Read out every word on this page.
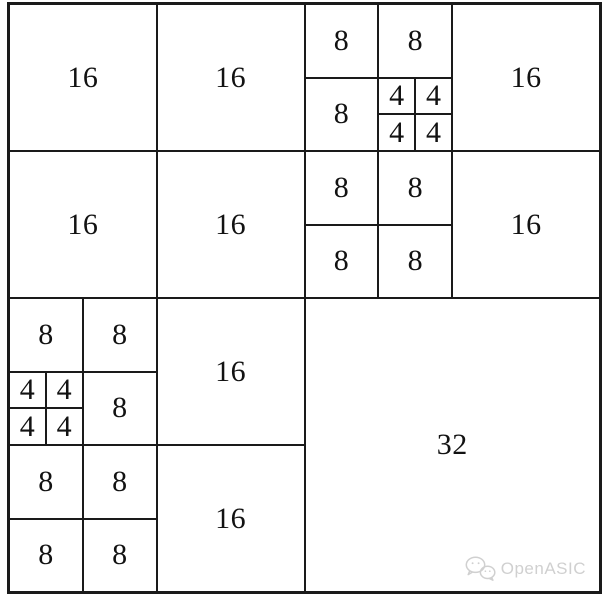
16	16
16	16
8 8
16
8
4 4
4 4
8 8
16
8 8
8 8
16
4 4
4 4
8
8 8
16
8 8
32
OpenASIC
